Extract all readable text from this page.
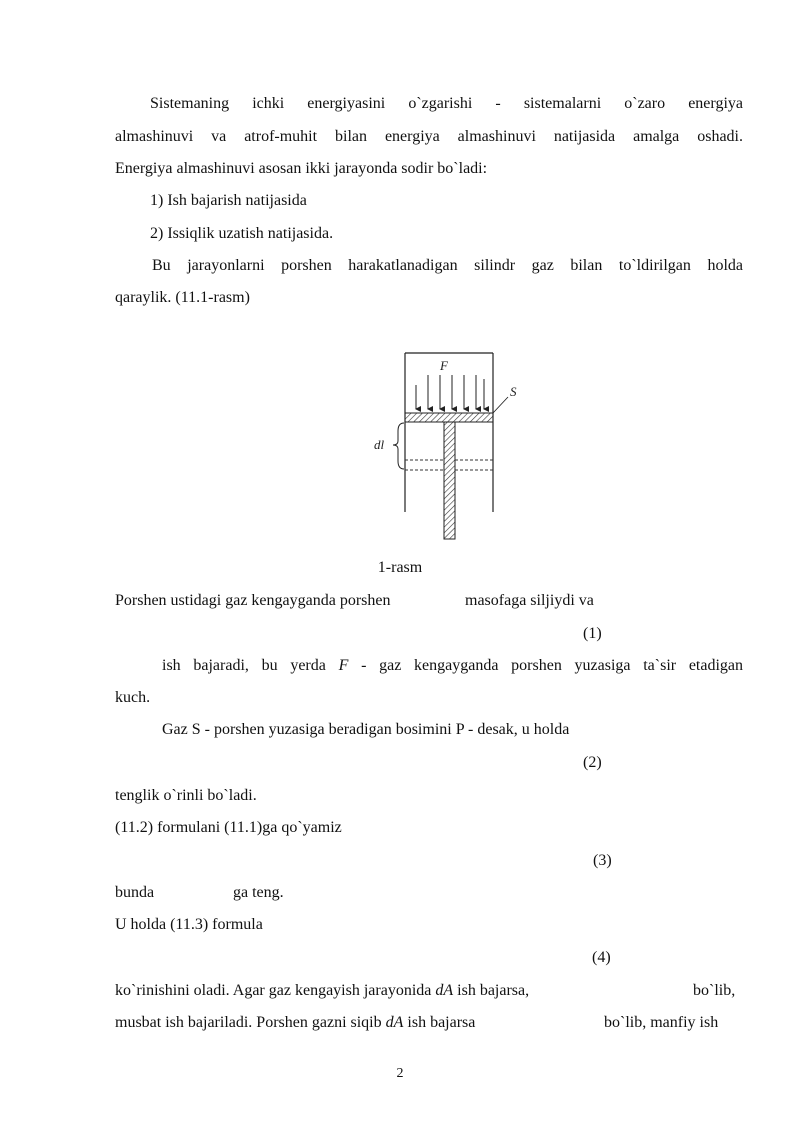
Sistemaning ichki energiyasini o`zgarishi - sistemalarni o`zaro energiya
almashinuvi va atrof-muhit bilan energiya almashinuvi natijasida amalga oshadi.
Energiya almashinuvi asosan ikki jarayonda sodir bo`ladi:
1) Ish bajarish natijasida
2) Issiqlik uzatish natijasida.
Bu jarayonlarni porshen harakatlanadigan silindr gaz bilan to`ldirilgan holda
qaraylik. (11.1-rasm)
F
S
dl
1-rasm
Porshen ustidagi gaz kengayganda porshen	masofaga siljiydi va
(1)
ish bajaradi, bu yerda F - gaz kengayganda porshen yuzasiga ta`sir etadigan
kuch.
Gaz S - porshen yuzasiga beradigan bosimini P - desak, u holda
(2)
tenglik o`rinli bo`ladi.
(11.2) formulani (11.1)ga qo`yamiz
(3)
bunda	ga teng.
U holda (11.3) formula
(4)
ko`rinishini oladi. Agar gaz kengayish jarayonida dA ish bajarsa,	bo`lib,
musbat ish bajariladi. Porshen gazni siqib dA ish bajarsa	bo`lib, manfiy ish
2
